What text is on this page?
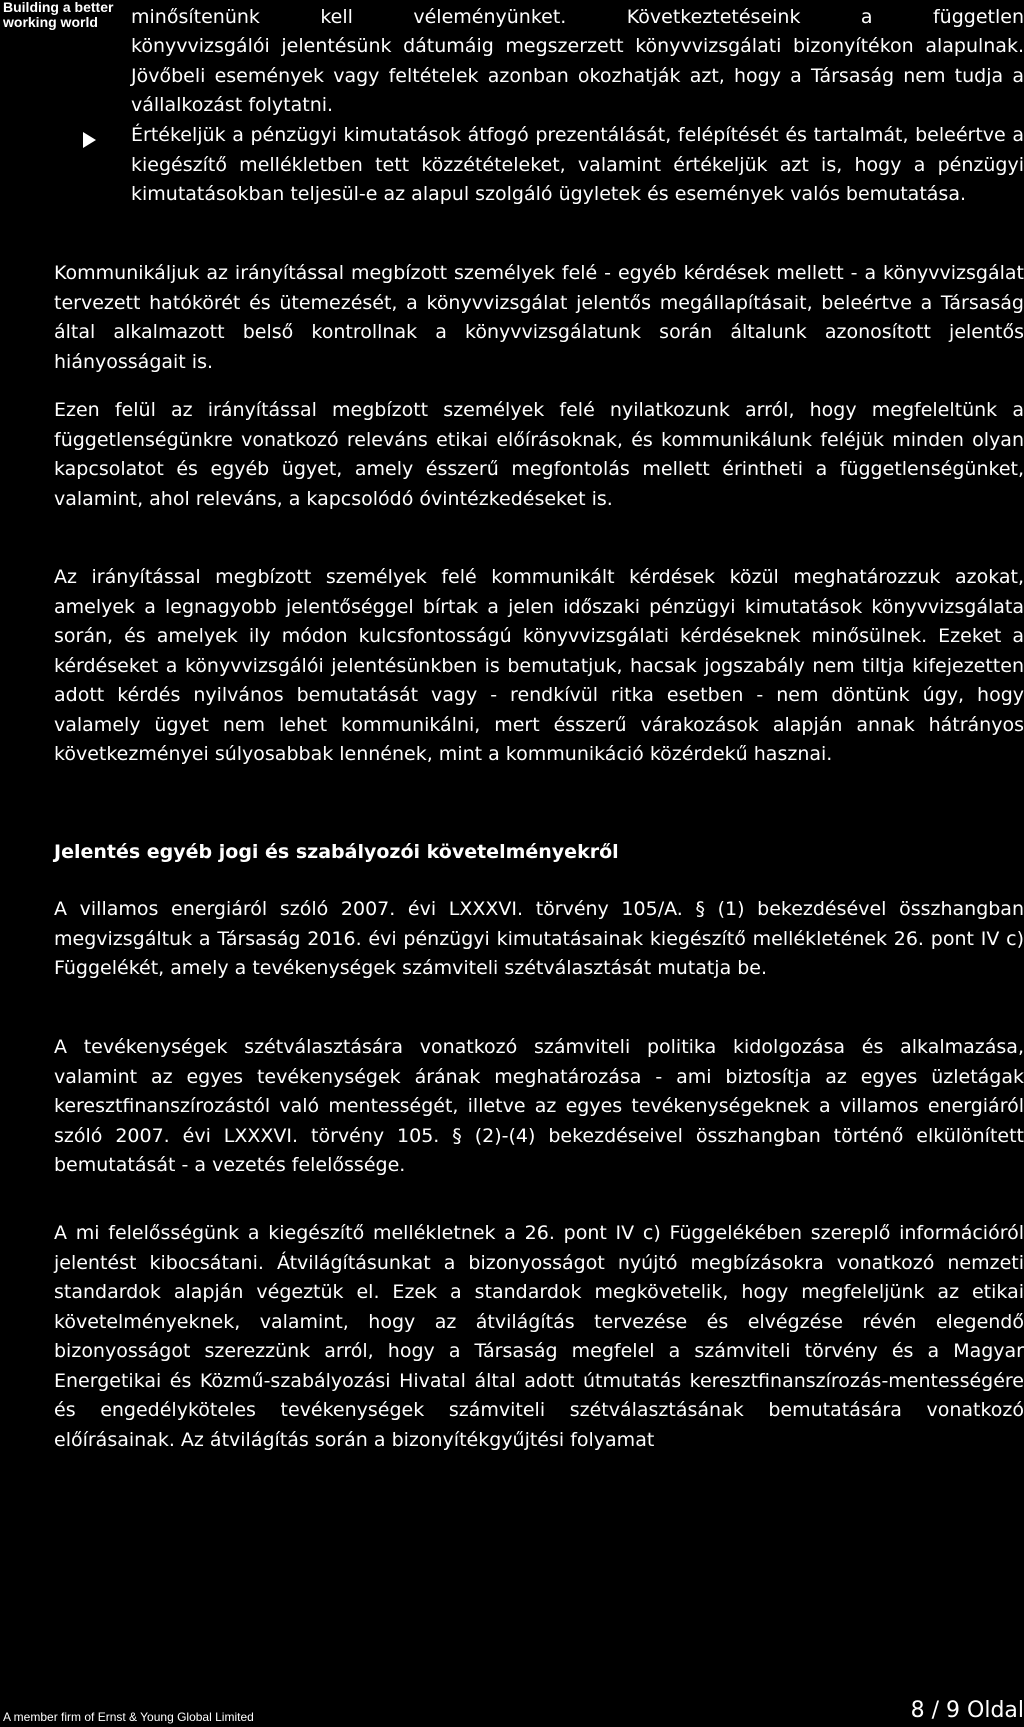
Building a better
working world	minősítenünk kell véleményünket. Következtetéseink a független

könyvvizsgálói jelentésünk dátumáig megszerzett könyvvizsgálati bizonyítékon alapulnak. Jövőbeli események vagy feltételek azonban okozhatják azt, hogy a Társaság nem tudja a vállalkozást folytatni.

Értékeljük a pénzügyi kimutatások átfogó prezentálását, felépítését és tartalmát, beleértve a kiegészítő mellékletben tett közzétételeket, valamint értékeljük azt is, hogy a pénzügyi kimutatásokban teljesül-e az alapul szolgáló ügyletek és események valós bemutatása.

Kommunikáljuk az irányítással megbízott személyek felé - egyéb kérdések mellett - a könyvvizsgálat tervezett hatókörét és ütemezését, a könyvvizsgálat jelentős megállapításait, beleértve a Társaság által alkalmazott belső kontrollnak a könyvvizsgálatunk során általunk azonosított jelentős hiányosságait is.

Ezen felül az irányítással megbízott személyek felé nyilatkozunk arról, hogy megfeleltünk a függetlenségünkre vonatkozó releváns etikai előírásoknak, és kommunikálunk feléjük minden olyan kapcsolatot és egyéb ügyet, amely ésszerű megfontolás mellett érintheti a függetlenségünket, valamint, ahol releváns, a kapcsolódó óvintézkedéseket is.

Az irányítással megbízott személyek felé kommunikált kérdések közül meghatározzuk azokat, amelyek a legnagyobb jelentőséggel bírtak a jelen időszaki pénzügyi kimutatások könyvvizsgálata során, és amelyek ily módon kulcsfontosságú könyvvizsgálati kérdéseknek minősülnek. Ezeket a kérdéseket a könyvvizsgálói jelentésünkben is bemutatjuk, hacsak jogszabály nem tiltja kifejezetten adott kérdés nyilvános bemutatását vagy - rendkívül ritka esetben - nem döntünk úgy, hogy valamely ügyet nem lehet kommunikálni, mert ésszerű várakozások alapján annak hátrányos következményei súlyosabbak lennének, mint a kommunikáció közérdekű hasznai.

Jelentés egyéb jogi és szabályozói követelményekről

A villamos energiáról szóló 2007. évi LXXXVI. törvény 105/A. § (1) bekezdésével összhangban megvizsgáltuk a Társaság 2016. évi pénzügyi kimutatásainak kiegészítő mellékletének 26. pont IV c) Függelékét, amely a tevékenységek számviteli szétválasztását mutatja be.

A tevékenységek szétválasztására vonatkozó számviteli politika kidolgozása és alkalmazása, valamint az egyes tevékenységek árának meghatározása - ami biztosítja az egyes üzletágak keresztfinanszírozástól való mentességét, illetve az egyes tevékenységeknek a villamos energiáról szóló 2007. évi LXXXVI. törvény 105. § (2)-(4) bekezdéseivel összhangban történő elkülönített bemutatását - a vezetés felelőssége.

A mi felelősségünk a kiegészítő mellékletnek a 26. pont IV c) Függelékében szereplő információról jelentést kibocsátani. Átvilágításunkat a bizonyosságot nyújtó megbízásokra vonatkozó nemzeti standardok alapján végeztük el. Ezek a standardok megkövetelik, hogy megfeleljünk az etikai követelményeknek, valamint, hogy az átvilágítás tervezése és elvégzése révén elegendő bizonyosságot szerezzünk arról, hogy a Társaság megfelel a számviteli törvény és a Magyar Energetikai és Közmű-szabályozási Hivatal által adott útmutatás keresztfinanszírozás-mentességére és engedélyköteles tevékenységek számviteli szétválasztásának bemutatására vonatkozó előírásainak. Az átvilágítás során a bizonyítékgyűjtési folyamat

A member firm of Ernst & Young Global Limited	8 / 9 Oldal
